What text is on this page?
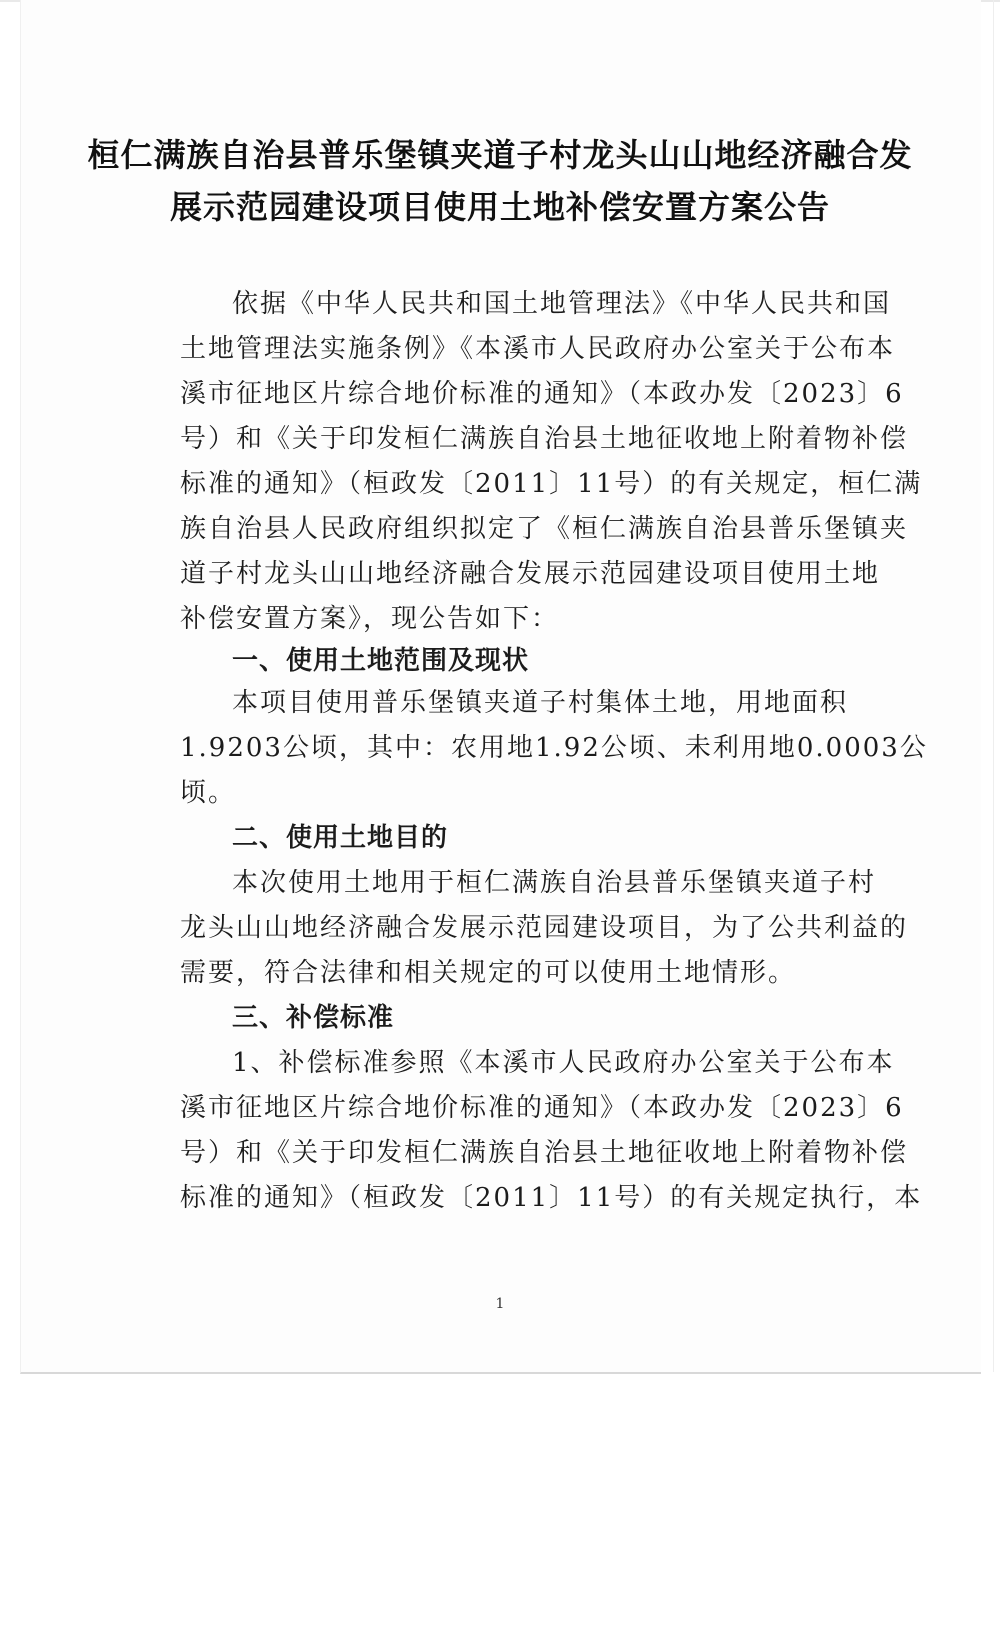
桓仁满族自治县普乐堡镇夹道子村龙头山山地经济融合发
展示范园建设项目使用土地补偿安置方案公告
依据《中华人民共和国土地管理法》《中华人民共和国
土地管理法实施条例》《本溪市人民政府办公室关于公布本
溪市征地区片综合地价标准的通知》（本政办发〔2023〕6
号）和《关于印发桓仁满族自治县土地征收地上附着物补偿
标准的通知》（桓政发〔2011〕11号）的有关规定，桓仁满
族自治县人民政府组织拟定了《桓仁满族自治县普乐堡镇夹
道子村龙头山山地经济融合发展示范园建设项目使用土地
补偿安置方案》，现公告如下：
一、使用土地范围及现状
本项目使用普乐堡镇夹道子村集体土地，用地面积
1.9203公顷，其中：农用地1.92公顷、未利用地0.0003公
顷。
二、使用土地目的
本次使用土地用于桓仁满族自治县普乐堡镇夹道子村
龙头山山地经济融合发展示范园建设项目，为了公共利益的
需要，符合法律和相关规定的可以使用土地情形。
三、补偿标准
1、补偿标准参照《本溪市人民政府办公室关于公布本
溪市征地区片综合地价标准的通知》（本政办发〔2023〕6
号）和《关于印发桓仁满族自治县土地征收地上附着物补偿
标准的通知》（桓政发〔2011〕11号）的有关规定执行，本
1
